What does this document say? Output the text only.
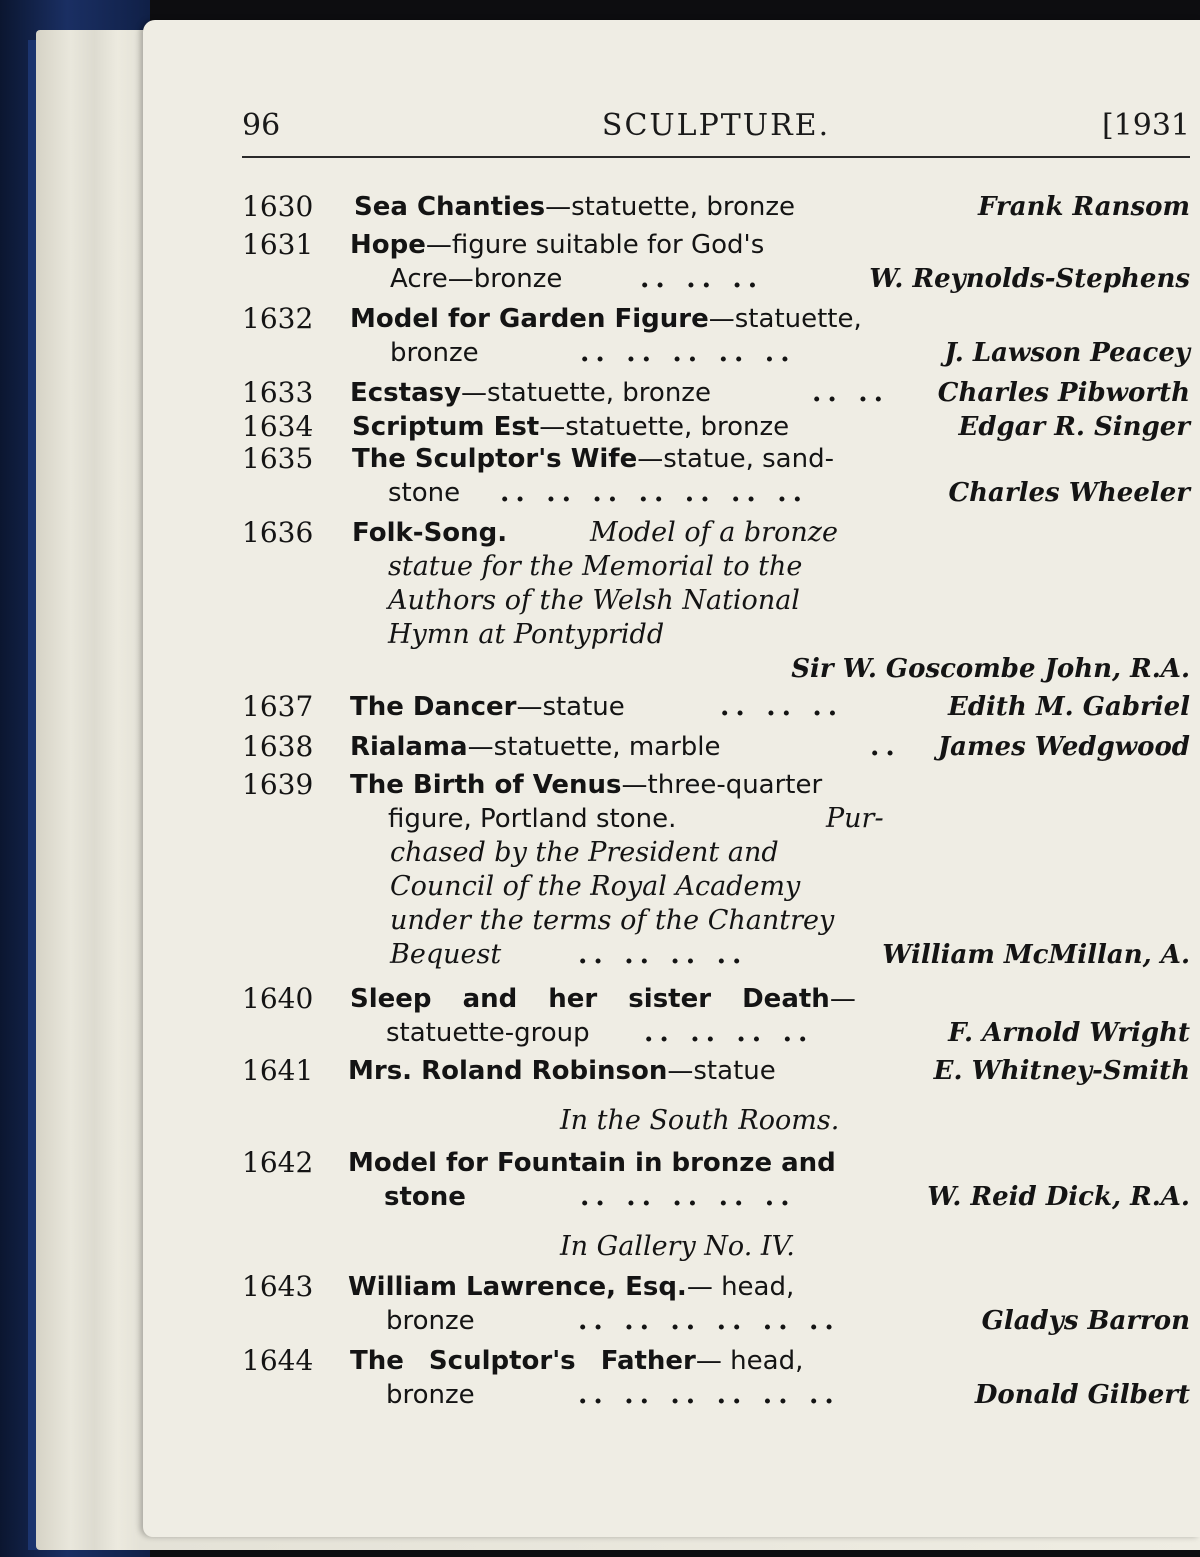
96	SCULPTURE.	[1931
1630 Sea Chanties—statuette, bronze	Frank Ransom
1631 Hope—figure suitable for God's
Acre—bronze	.. .. ..	W. Reynolds-Stephens
1632 Model for Garden Figure—statuette,
bronze	.. .. .. .. ..	J. Lawson Peacey
1633 Ecstasy—statuette, bronze	.. .. Charles Pibworth
1634 Scriptum Est—statuette, bronze	Edgar R. Singer
1635 The Sculptor's Wife—statue, sand-
stone .. .. .. .. .. .. ..	Charles Wheeler
1636 Folk-Song.	Model of a bronze
statue for the Memorial to the
Authors of the Welsh National
Hymn at Pontypridd
Sir W. Goscombe John, R.A.
1637 The Dancer—statue	.. .. ..	Edith M. Gabriel
1638 Rialama—statuette, marble	.. James Wedgwood
1639 The Birth of Venus—three-quarter
figure, Portland stone.	Pur-
chased by the President and
Council of the Royal Academy
under the terms of the Chantrey
Bequest	.. .. .. ..	William McMillan, A.
1640 Sleep and her sister Death—
statuette-group .. .. .. ..	F. Arnold Wright
1641 Mrs. Roland Robinson—statue	E. Whitney-Smith
In the South Rooms.
1642 Model for Fountain in bronze and
stone	.. .. .. .. ..	W. Reid Dick, R.A.
In Gallery No. IV.
1643 William Lawrence, Esq.— head,
bronze	.. .. .. .. .. ..	Gladys Barron
1644 The Sculptor's Father— head,
bronze	.. .. .. .. .. ..	Donald Gilbert
